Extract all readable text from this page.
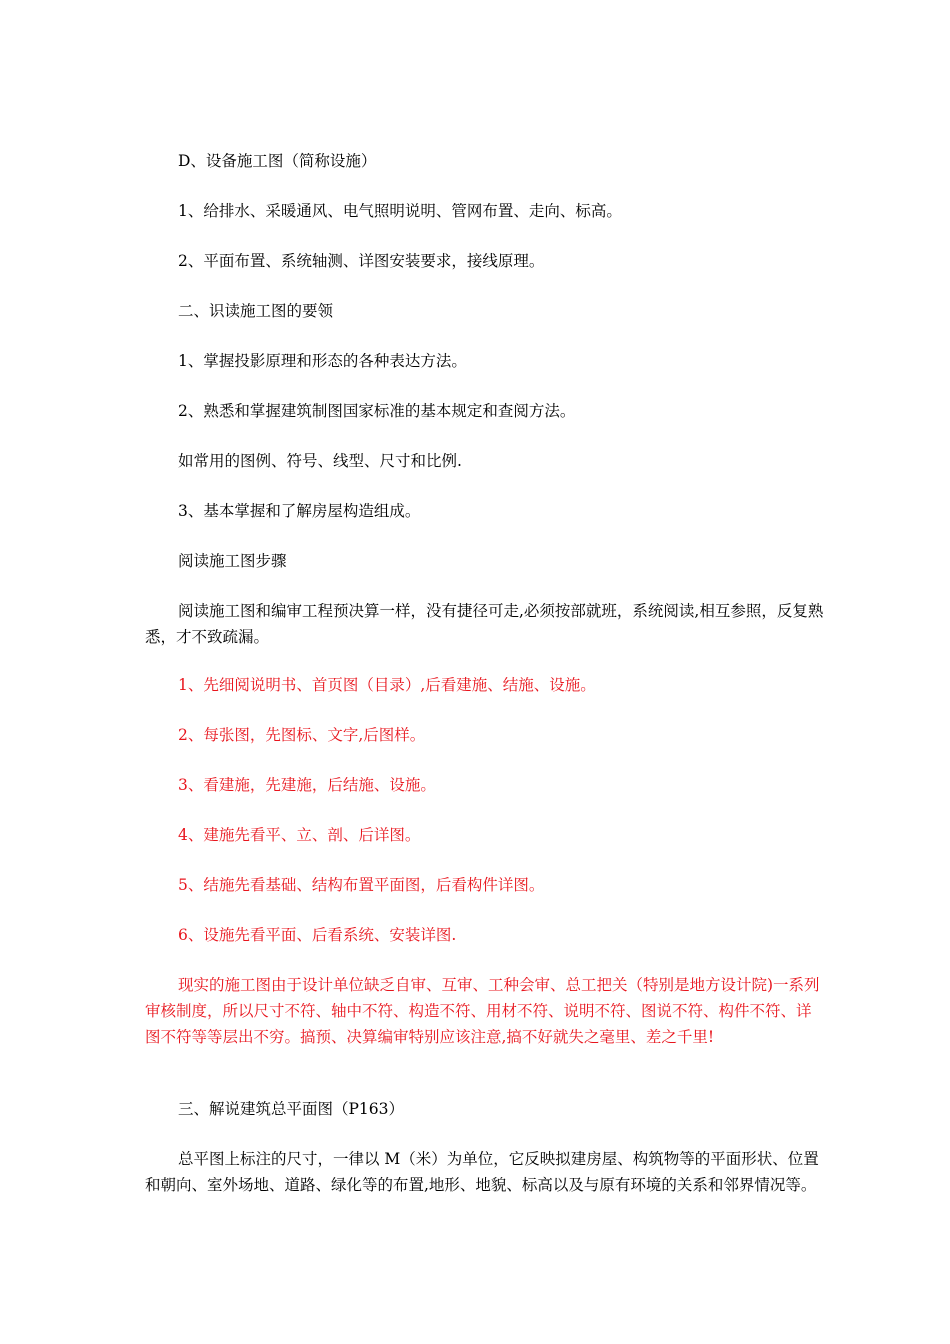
D、设备施工图（简称设施）

1、给排水、采暖通风、电气照明说明、管网布置、走向、标高。

2、平面布置、系统轴测、详图安装要求，接线原理。

二、识读施工图的要领

1、掌握投影原理和形态的各种表达方法。

2、熟悉和掌握建筑制图国家标准的基本规定和查阅方法。

如常用的图例、符号、线型、尺寸和比例.

3、基本掌握和了解房屋构造组成。

阅读施工图步骤

阅读施工图和编审工程预决算一样，没有捷径可走,必须按部就班，系统阅读,相互参照，反复熟悉，才不致疏漏。

1、先细阅说明书、首页图（目录）,后看建施、结施、设施。

2、每张图，先图标、文字,后图样。

3、看建施，先建施，后结施、设施。

4、建施先看平、立、剖、后详图。

5、结施先看基础、结构布置平面图，后看构件详图。

6、设施先看平面、后看系统、安装详图.

现实的施工图由于设计单位缺乏自审、互审、工种会审、总工把关（特别是地方设计院)一系列审核制度，所以尺寸不符、轴中不符、构造不符、用材不符、说明不符、图说不符、构件不符、详图不符等等层出不穷。搞预、决算编审特别应该注意,搞不好就失之毫里、差之千里!

三、解说建筑总平面图（P163）

总平图上标注的尺寸，一律以 M（米）为单位，它反映拟建房屋、构筑物等的平面形状、位置和朝向、室外场地、道路、绿化等的布置,地形、地貌、标高以及与原有环境的关系和邻界情况等。
